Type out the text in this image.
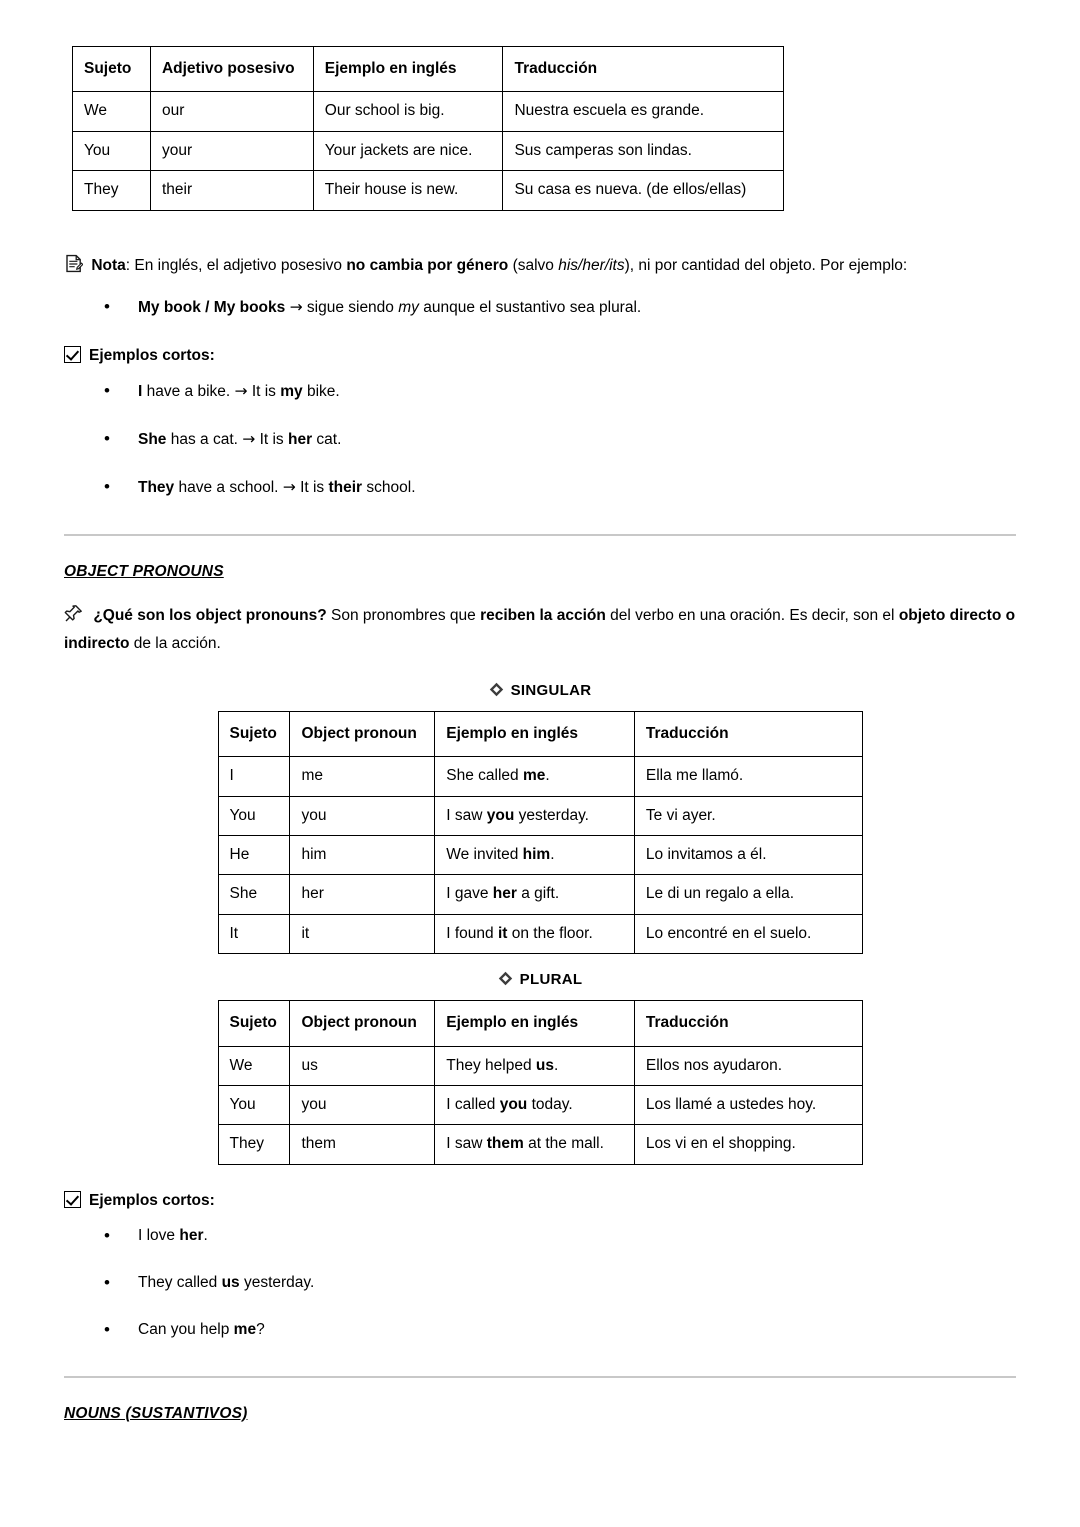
Sujeto	Adjetivo posesivo	Ejemplo en inglés	Traducción
We	our	Our school is big.	Nuestra escuela es grande.
You	your	Your jackets are nice.	Sus camperas son lindas.
They	their	Their house is new.	Su casa es nueva. (de ellos/ellas)

Nota: En inglés, el adjetivo posesivo no cambia por género (salvo his/her/its), ni por cantidad del objeto. Por ejemplo:

• My book / My books → sigue siendo my aunque el sustantivo sea plural.

Ejemplos cortos:

• I have a bike. → It is my bike.
• She has a cat. → It is her cat.
• They have a school. → It is their school.

OBJECT PRONOUNS

¿Qué son los object pronouns? Son pronombres que reciben la acción del verbo en una oración. Es decir, son el objeto directo o indirecto de la acción.

SINGULAR

Sujeto	Object pronoun	Ejemplo en inglés	Traducción
I	me	She called me.	Ella me llamó.
You	you	I saw you yesterday.	Te vi ayer.
He	him	We invited him.	Lo invitamos a él.
She	her	I gave her a gift.	Le di un regalo a ella.
It	it	I found it on the floor.	Lo encontré en el suelo.

PLURAL

Sujeto	Object pronoun	Ejemplo en inglés	Traducción
We	us	They helped us.	Ellos nos ayudaron.
You	you	I called you today.	Los llamé a ustedes hoy.
They	them	I saw them at the mall.	Los vi en el shopping.

Ejemplos cortos:

• I love her.
• They called us yesterday.
• Can you help me?

NOUNS (SUSTANTIVOS)
